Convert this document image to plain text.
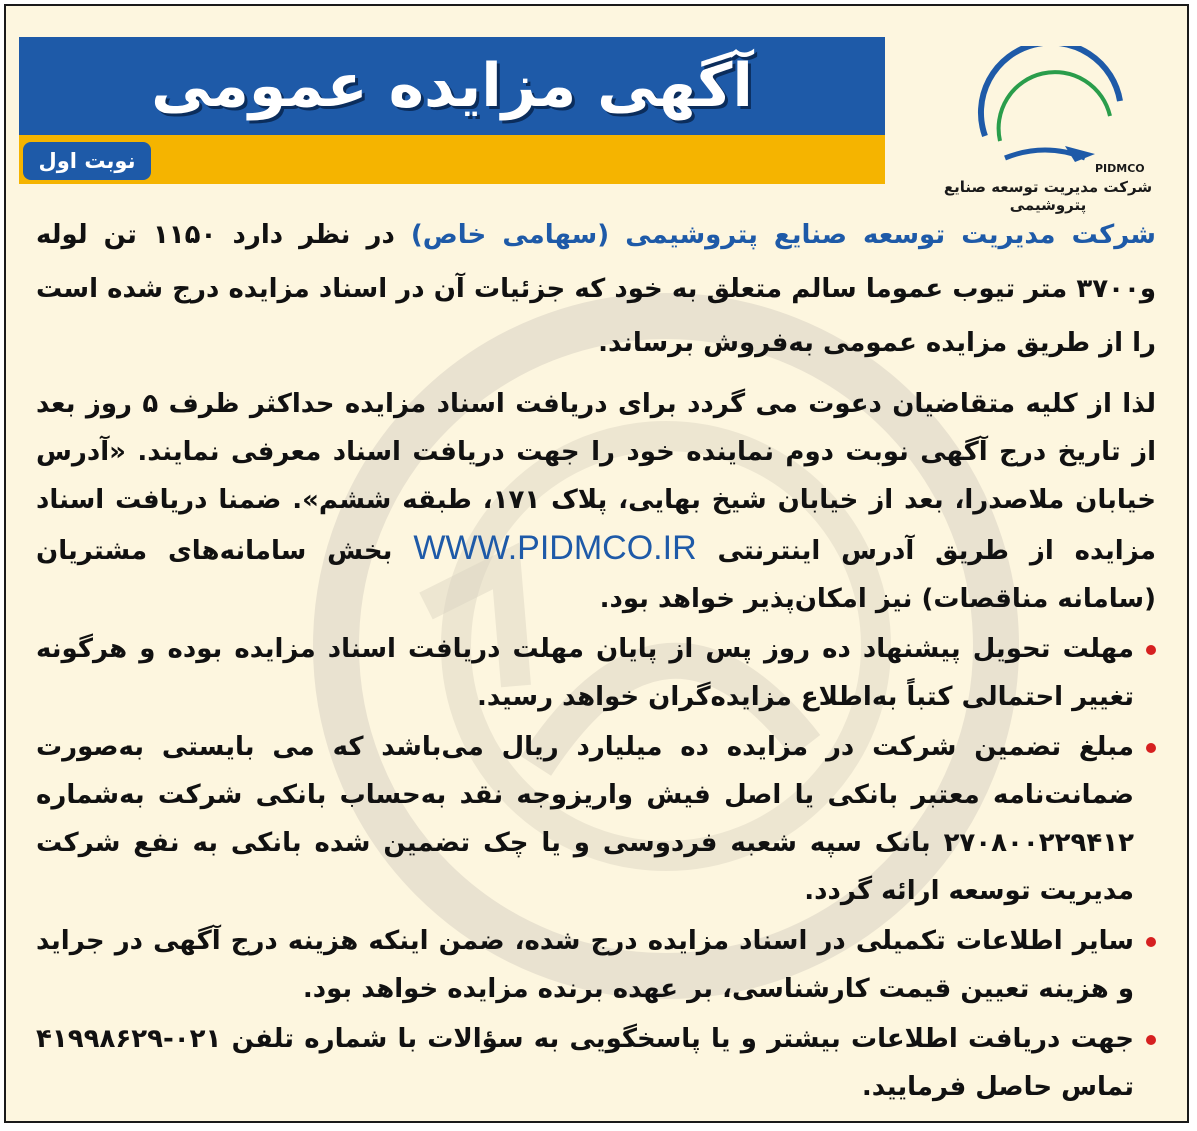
آگهی مزایده عمومی
نوبت اول	PIDMCO
شرکت مدیریت توسعه صنایع پتروشیمی

شرکت مدیریت توسعه صنایع پتروشیمی (سهامی خاص) در نظر دارد ۱۱۵۰ تن لوله و۳۷۰۰ متر تیوب عموما سالم متعلق به خود که جزئیات آن در اسناد مزایده درج شده است را از طریق مزایده عمومی به‌فروش برساند.

لذا از کلیه متقاضیان دعوت می گردد برای دریافت اسناد مزایده حداکثر ظرف ۵ روز بعد از تاریخ درج آگهی نوبت دوم نماینده خود را جهت دریافت اسناد معرفی نمایند. «آدرس خیابان ملاصدرا، بعد از خیابان شیخ بهایی، پلاک ۱۷۱، طبقه ششم». ضمنا دریافت اسناد مزایده از طریق آدرس اینترنتی WWW.PIDMCO.IR بخش سامانه‌های مشتریان (سامانه مناقصات) نیز امکان‌پذیر خواهد بود.

مهلت تحویل پیشنهاد ده روز پس از پایان مهلت دریافت اسناد مزایده بوده و هرگونه تغییر احتمالی کتباً به‌اطلاع مزایده‌گران خواهد رسید.

مبلغ تضمین شرکت در مزایده ده میلیارد ریال می‌باشد که می بایستی به‌صورت ضمانت‌نامه معتبر بانکی یا اصل فیش واریزوجه نقد به‌حساب بانکی شرکت به‌شماره ۲۷۰۸۰۰۲۲۹۴۱۲ بانک سپه شعبه فردوسی و یا چک تضمین شده بانکی به نفع شرکت مدیریت توسعه ارائه گردد.

سایر اطلاعات تکمیلی در اسناد مزایده درج شده، ضمن اینکه هزینه درج آگهی در جراید و هزینه تعیین قیمت کارشناسی، بر عهده برنده مزایده خواهد بود.

جهت دریافت اطلاعات بیشتر و یا پاسخگویی به سؤالات با شماره تلفن ۰۲۱-۴۱۹۹۸۶۲۹ تماس حاصل فرمایید.
